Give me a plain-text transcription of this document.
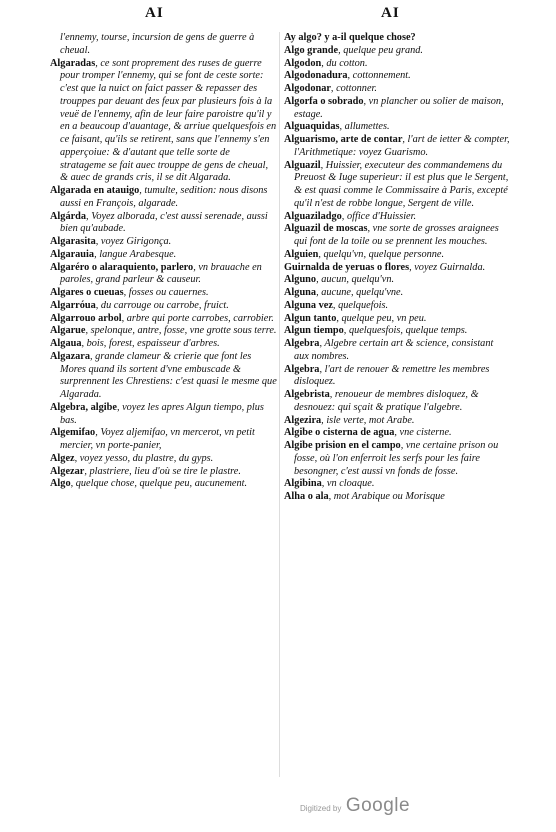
AI	AI

l'ennemy, tourse, incursion de gens de guerre à cheual.

Algaradas, ce sont proprement des ruses de guerre pour tromper l'ennemy, qui se font de ceste sorte: c'est que la nuict on faict passer & repasser des trouppes par deuant des feux par plusieurs fois à la veuë de l'ennemy, afin de leur faire paroistre qu'il y en a beaucoup d'auantage, & arriue quelquesfois en ce faisant, qu'ils se retirent, sans que l'ennemy s'en apperçoiue: & d'autant que telle sorte de stratageme se fait auec trouppe de gens de cheual, & auec de grands cris, il se dit Algarada.

Algarada en atauigo, tumulte, sedition: nous disons aussi en François, algarade.

Algárda, Voyez alborada, c'est aussi serenade, aussi bien qu'aubade.

Algarasita, voyez Girigonça.

Algarauia, langue Arabesque.

Algaréro o alaraquiento, parlero, vn brauache en paroles, grand parleur & causeur.

Algares o cueuas, fosses ou cauernes.

Algarróua, du carrouge ou carrobe, fruict.

Algarrouo arbol, arbre qui porte carrobes, carrobier.

Algarue, spelonque, antre, fosse, vne grotte sous terre.

Algaua, bois, forest, espaisseur d'arbres.

Algazara, grande clameur & crierie que font les Mores quand ils sortent d'vne embuscade & surprennent les Chrestiens: c'est quasi le mesme que Algarada.

Algebra, algibe, voyez les apres Algun tiempo, plus bas.

Algemifao, Voyez aljemifao, vn mercerot, vn petit mercier, vn porte-panier,

Algez, voyez yesso, du plastre, du gyps.

Algezar, plastriere, lieu d'où se tire le plastre.

Algo, quelque chose, quelque peu, aucunement.

Ay algo? y a-il quelque chose?

Algo grande, quelque peu grand.

Algodon, du cotton.

Algodonadura, cottonnement.

Algodonar, cottonner.

Algorfa o sobrado, vn plancher ou solier de maison, estage.

Alguaquidas, allumettes.

Alguarismo, arte de contar, l'art de ietter & compter, l'Arithmetique: voyez Guarismo.

Alguazil, Huissier, executeur des commandemens du Preuost & Iuge superieur: il est plus que le Sergent, & est quasi comme le Commissaire à Paris, excepté qu'il n'est de robbe longue, Sergent de ville.

Alguaziladgo, office d'Huissier.

Alguazil de moscas, vne sorte de grosses araignees qui font de la toile ou se prennent les mouches.

Alguien, quelqu'vn, quelque personne.

Guirnalda de yeruas o flores, voyez Guirnalda.

Alguno, aucun, quelqu'vn.

Alguna, aucune, quelqu'vne.

Alguna vez, quelquefois.

Algun tanto, quelque peu, vn peu.

Algun tiempo, quelquesfois, quelque temps.

Algebra, Algebre certain art & science, consistant aux nombres.

Algebra, l'art de renouer & remettre les membres disloquez.

Algebrista, renoueur de membres disloquez, & desnouez: qui sçait & pratique l'algebre.

Algezira, isle verte, mot Arabe.

Algibe o cisterna de agua, vne cisterne.

Algibe prision en el campo, vne certaine prison ou fosse, où l'on enferroit les serfs pour les faire besongner, c'est aussi vn fonds de fosse.

Algibina, vn cloaque.

Alha o ala, mot Arabique ou Morisque

Digitized by Google
